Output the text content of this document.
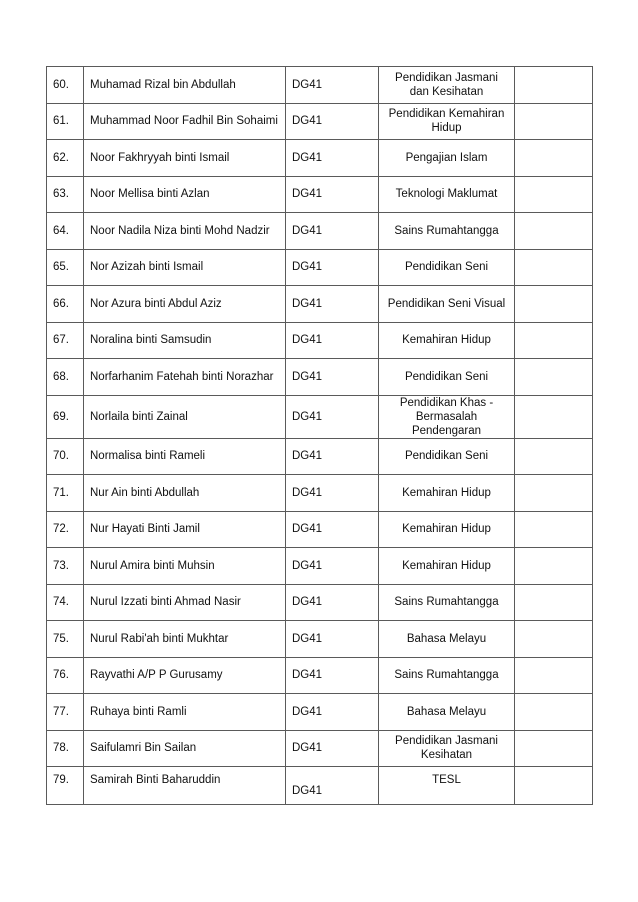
60.	Muhamad Rizal bin Abdullah	DG41	Pendidikan Jasmani dan Kesihatan	
61.	Muhammad Noor Fadhil Bin Sohaimi	DG41	Pendidikan Kemahiran Hidup	
62.	Noor Fakhryyah binti Ismail	DG41	Pengajian Islam	
63.	Noor Mellisa binti Azlan	DG41	Teknologi Maklumat	
64.	Noor Nadila Niza binti Mohd Nadzir	DG41	Sains Rumahtangga	
65.	Nor Azizah binti Ismail	DG41	Pendidikan Seni	
66.	Nor Azura binti Abdul Aziz	DG41	Pendidikan Seni Visual	
67.	Noralina binti Samsudin	DG41	Kemahiran Hidup	
68.	Norfarhanim Fatehah binti Norazhar	DG41	Pendidikan Seni	
69.	Norlaila binti Zainal	DG41	Pendidikan Khas - Bermasalah Pendengaran	
70.	Normalisa binti Rameli	DG41	Pendidikan Seni	
71.	Nur Ain binti Abdullah	DG41	Kemahiran Hidup	
72.	Nur Hayati Binti Jamil	DG41	Kemahiran Hidup	
73.	Nurul Amira binti Muhsin	DG41	Kemahiran Hidup	
74.	Nurul Izzati binti Ahmad Nasir	DG41	Sains Rumahtangga	
75.	Nurul Rabi'ah binti Mukhtar	DG41	Bahasa Melayu	
76.	Rayvathi A/P P Gurusamy	DG41	Sains Rumahtangga	
77.	Ruhaya binti Ramli	DG41	Bahasa Melayu	
78.	Saifulamri Bin Sailan	DG41	Pendidikan Jasmani Kesihatan	
79.	Samirah Binti Baharuddin	DG41	TESL	
